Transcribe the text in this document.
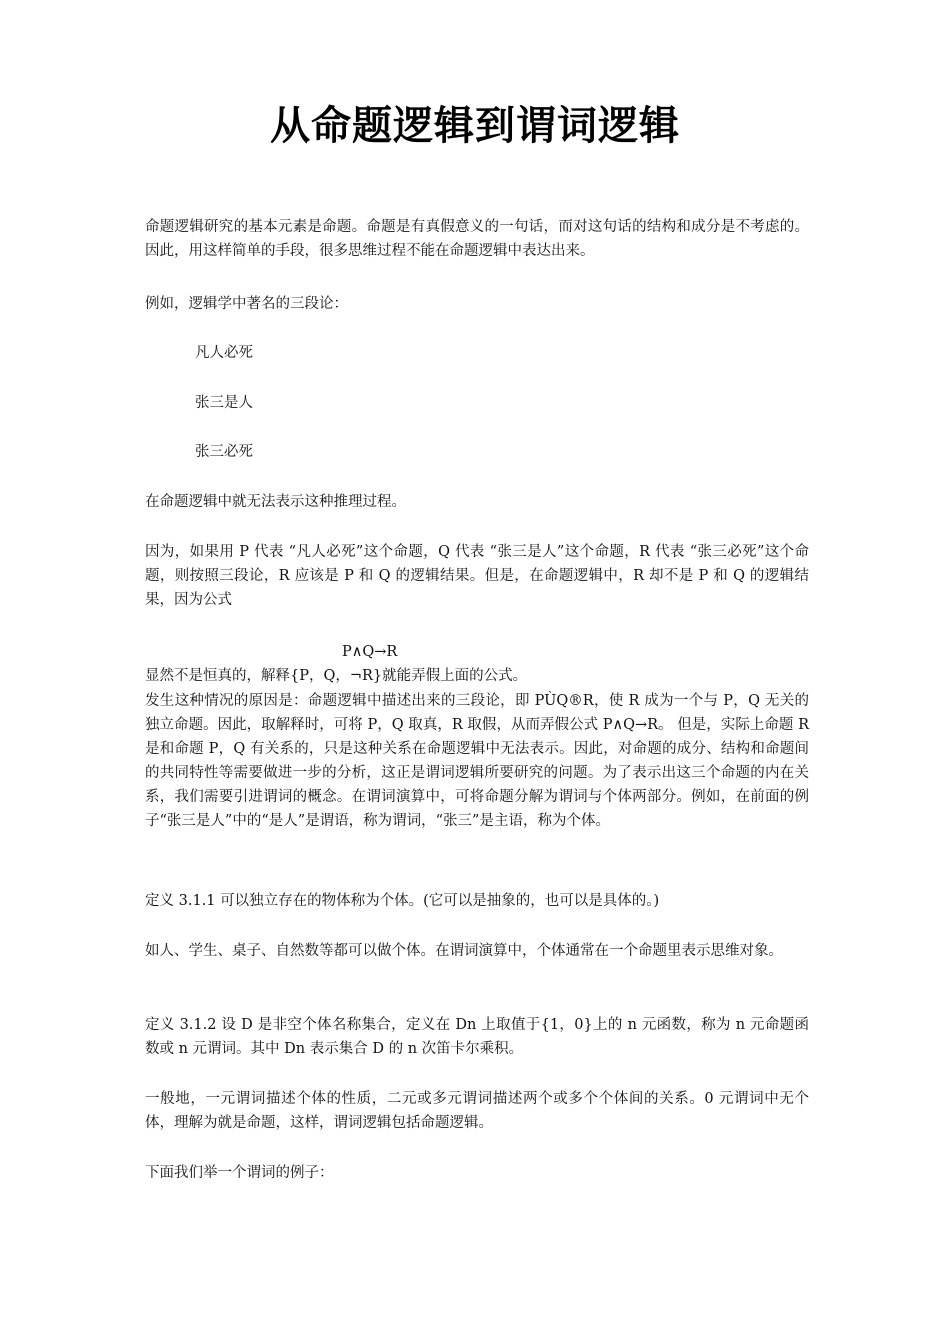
从命题逻辑到谓词逻辑
命题逻辑研究的基本元素是命题。命题是有真假意义的一句话，而对这句话的结构和成分是不考虑的。 因此，用这样简单的手段，很多思维过程不能在命题逻辑中表达出来。
例如，逻辑学中著名的三段论：
凡人必死
张三是人
张三必死
在命题逻辑中就无法表示这种推理过程。
因为，如果用 P 代表 “凡人必死”这个命题，Q 代表 “张三是人”这个命题，R 代表 “张三必死”这个命题，则按照三段论，R 应该是 P 和 Q 的逻辑结果。但是，在命题逻辑中，R 却不是 P 和 Q 的逻辑结果，因为公式
P∧Q→R
显然不是恒真的，解释{P，Q，¬R}就能弄假上面的公式。
发生这种情况的原因是：命题逻辑中描述出来的三段论，即 PÙQ®R，使 R 成为一个与 P，Q 无关的独立命题。因此，取解释时，可将 P，Q 取真，R 取假，从而弄假公式 P∧Q→R。 但是，实际上命题 R 是和命题 P，Q 有关系的，只是这种关系在命题逻辑中无法表示。因此，对命题的成分、结构和命题间的共同特性等需要做进一步的分析，这正是谓词逻辑所要研究的问题。为了表示出这三个命题的内在关系，我们需要引进谓词的概念。在谓词演算中，可将命题分解为谓词与个体两部分。例如，在前面的例子“张三是人”中的“是人”是谓语，称为谓词，“张三”是主语，称为个体。
定义 3.1.1 可以独立存在的物体称为个体。(它可以是抽象的，也可以是具体的。)
如人、学生、桌子、自然数等都可以做个体。在谓词演算中，个体通常在一个命题里表示思维对象。
定义 3.1.2 设 D 是非空个体名称集合，定义在 Dn 上取值于{1，0}上的 n 元函数，称为 n 元命题函数或 n 元谓词。其中 Dn 表示集合 D 的 n 次笛卡尔乘积。
一般地，一元谓词描述个体的性质，二元或多元谓词描述两个或多个个体间的关系。0 元谓词中无个体，理解为就是命题，这样，谓词逻辑包括命题逻辑。
下面我们举一个谓词的例子：
